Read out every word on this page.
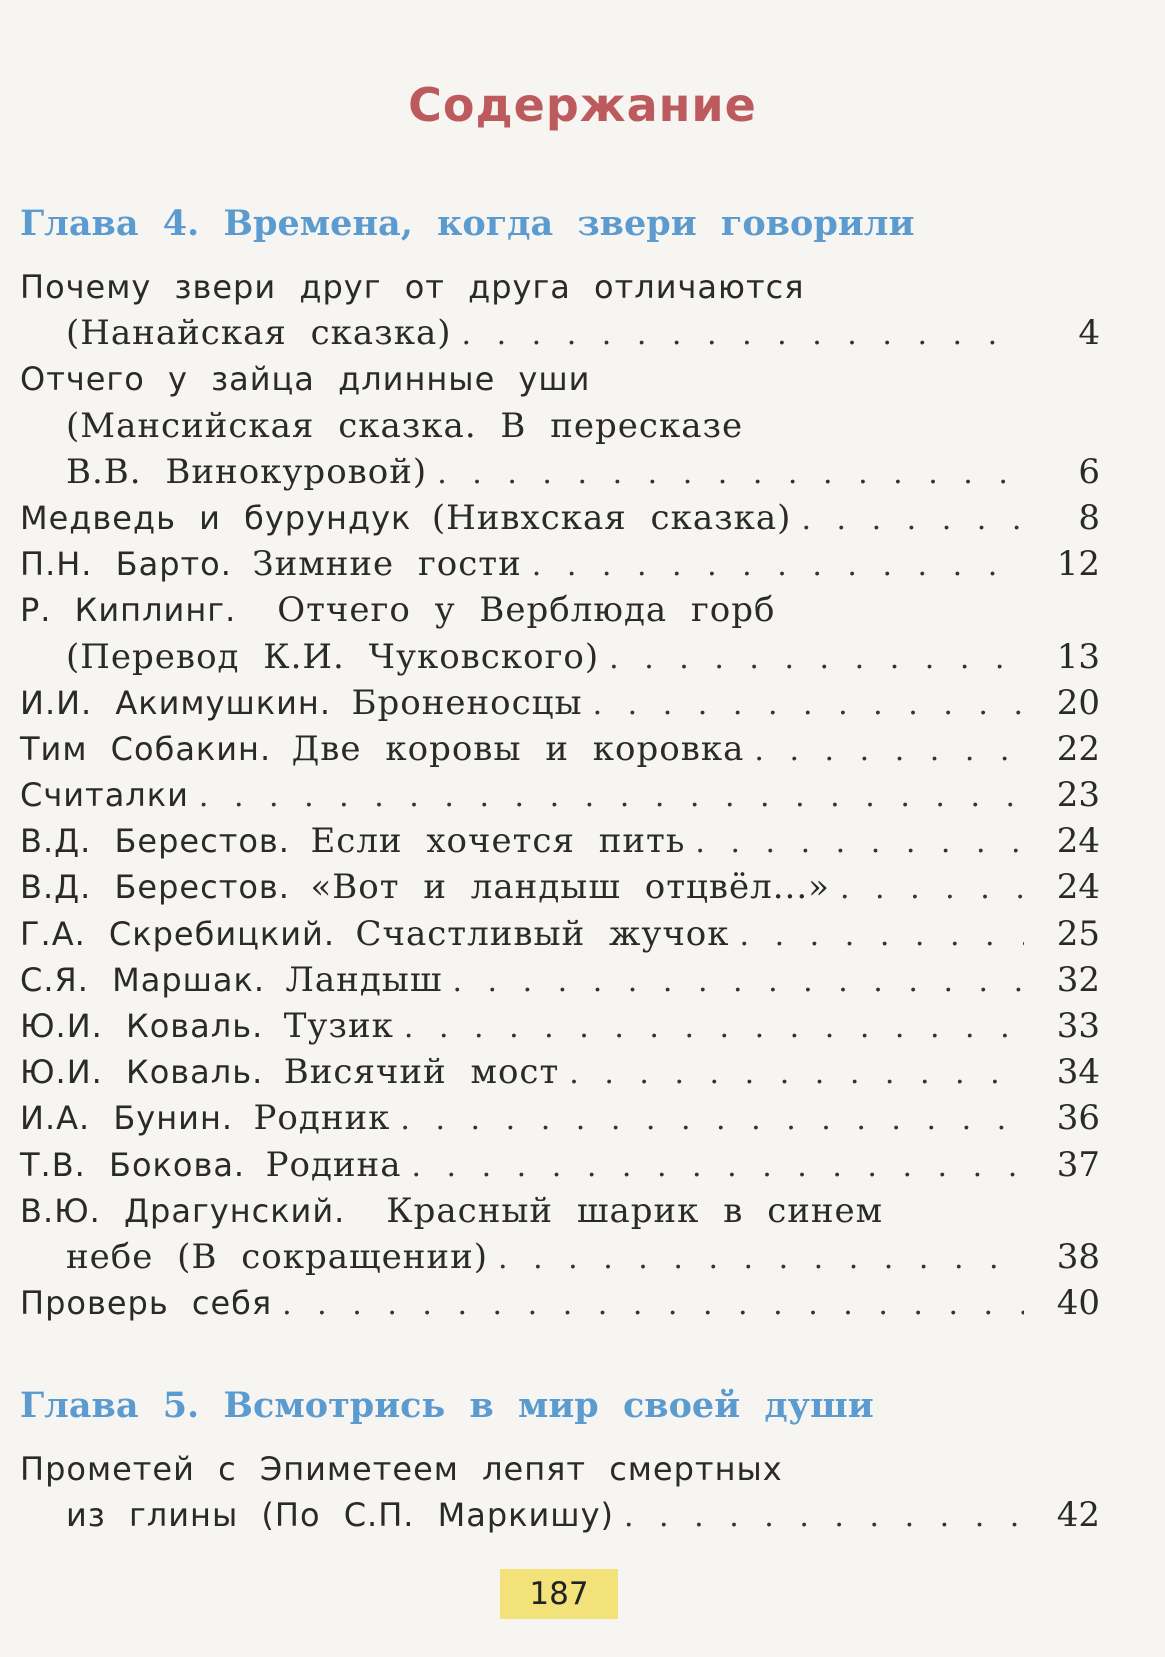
Содержание
Глава 4. Времена, когда звери говорили
Почему звери друг от друга отличаются
(Нанайская сказка) . . .	4
Отчего у зайца длинные уши
(Мансийская сказка. В пересказе
В.В. Винокуровой) . . .	6
Медведь и бурундук
(Нивхская сказка) . . .	8
П.Н. Барто.
Зимние гости . . .	12
Р. Киплинг. Отчего у Верблюда горб
(Перевод К.И. Чуковского) . . .	13
И.И. Акимушкин.
Броненосцы . . .	20
Тим Собакин.
Две коровы и коровка . . .	22
Считалки . . .	23
В.Д. Берестов.
Если хочется пить . . .	24
В.Д. Берестов.
«Вот и ландыш отцвёл...» . . .	24
Г.А. Скребицкий.
Счастливый жучок . . .	25
С.Я. Маршак.
Ландыш . . .	32
Ю.И. Коваль.
Тузик . . .	33
Ю.И. Коваль.
Висячий мост . . .	34
И.А. Бунин.
Родник . . .	36
Т.В. Бокова.
Родина . . .	37
В.Ю. Драгунский. Красный шарик в синем
небе (В сокращении) . . .	38
Проверь себя . . .	40
Глава 5. Всмотрись в мир своей души
Прометей с Эпиметеем лепят смертных
из глины (По С.П. Маркишу) . . .	42
187
